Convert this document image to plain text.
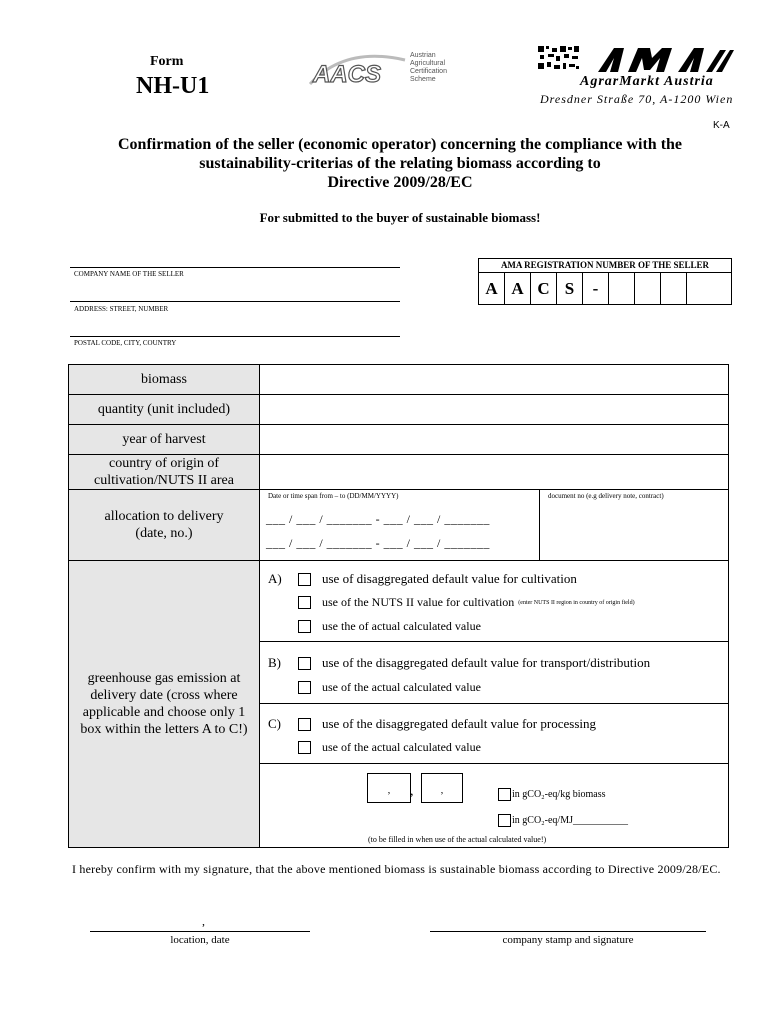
Form
NH-U1	AACS
Austrian
Agricultural
Certification
Scheme	AgrarMarkt Austria
Dresdner Straße 70, A-1200 Wien
K-A
Confirmation of the seller (economic operator) concerning the compliance with the
sustainability-criterias of the relating biomass according to
Directive 2009/28/EC
For submitted to the buyer of sustainable biomass!
COMPANY NAME OF THE SELLER
ADDRESS: STREET, NUMBER
POSTAL CODE, CITY, COUNTRY
AMA REGISTRATION NUMBER OF THE SELLER
A A C S	-
biomass
quantity (unit included)
year of harvest
country of origin of cultivation/NUTS II area
allocation to delivery (date, no.)
Date or time span from – to (DD/MM/YYYY)
___ / ___ / _______ - ___ / ___ / _______
___ / ___ / _______ - ___ / ___ / _______
document no (e.g delivery note, contract)
greenhouse gas emission at delivery date (cross where applicable and choose only 1 box within the letters A to C!)
A)	use of disaggregated default value for cultivation
use of the NUTS II value for cultivation (enter NUTS II region in country of origin field)
use the of actual calculated value
B)	use of the disaggregated default value for transport/distribution
use of the actual calculated value
C)	use of the disaggregated default value for processing
use of the actual calculated value
,	,	,	in gCO₂-eq/kg biomass
in gCO₂-eq/MJ___________
(to be filled in when use of the actual calculated value!)
I hereby confirm with my signature, that the above mentioned biomass is sustainable biomass according to Directive 2009/28/EC.
,
location, date	company stamp and signature
